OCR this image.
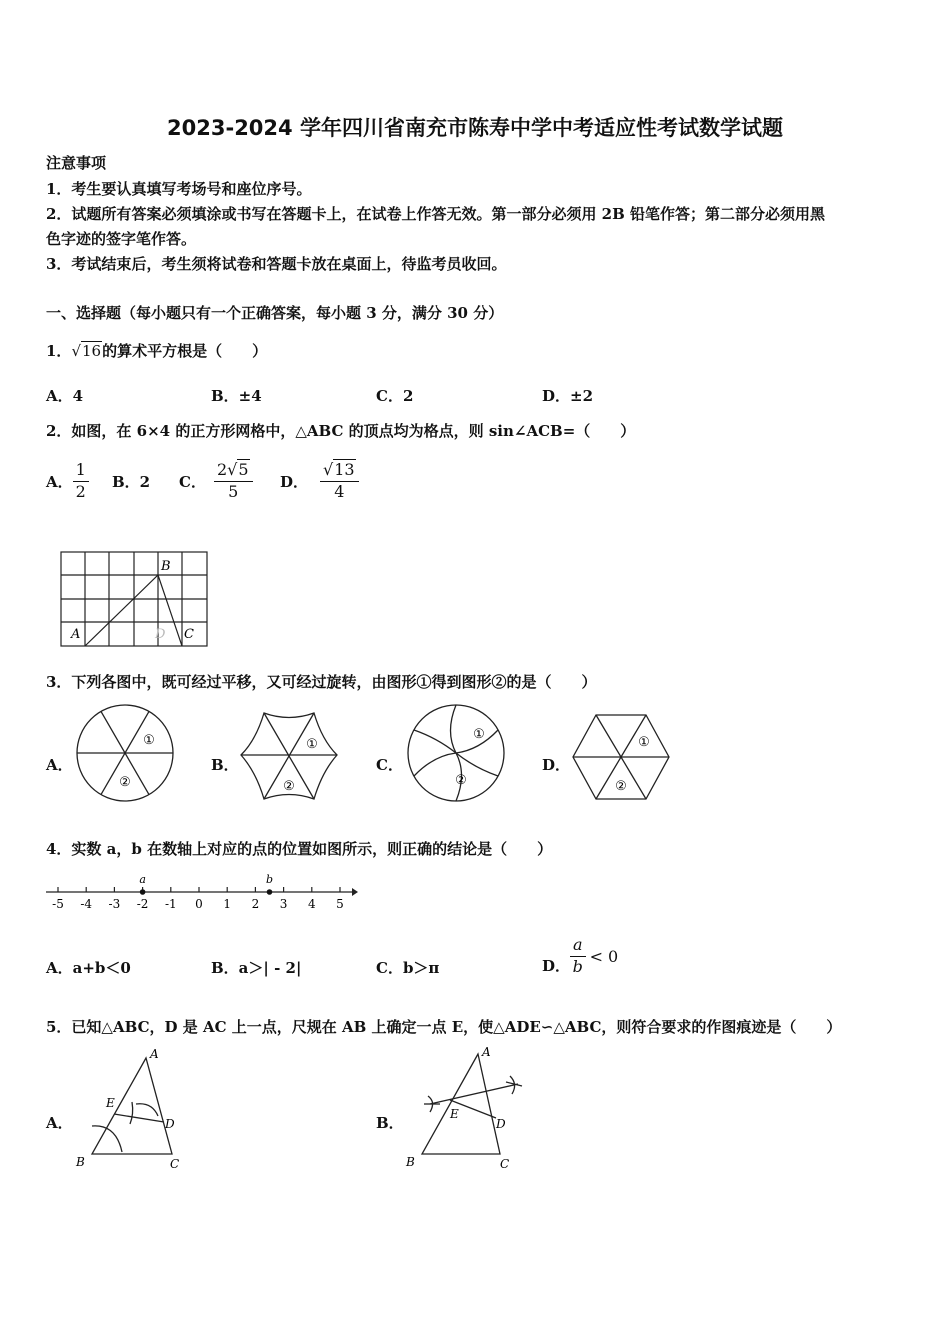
2023-2024 学年四川省南充市陈寿中学中考适应性考试数学试题
注意事项
1．考生要认真填写考场号和座位序号。
2．试题所有答案必须填涂或书写在答题卡上，在试卷上作答无效。第一部分必须用 2B 铅笔作答；第二部分必须用黑
色字迹的签字笔作答。
3．考试结束后，考生须将试卷和答题卡放在桌面上，待监考员收回。
一、选择题（每小题只有一个正确答案，每小题 3 分，满分 30 分）
1．√16的算术平方根是（　　）
A．4	B．±4	C．2	D．±2
2．如图，在 6×4 的正方形网格中，△ABC 的顶点均为格点，则 sin∠ACB=（　　）
A． $\frac{1}{2}$ B．2 C． $\frac{2√5}{5}$ D． $\frac{√13}{4}$
A
B
D C
3．下列各图中，既可经过平移，又可经过旋转，由图形①得到图形②的是（　　）
A．	B．	C．	D．
①
②
①
②
①
②
①
②
4．实数 a，b 在数轴上对应的点的位置如图所示，则正确的结论是（　　）
-5 -4 -3 -2 -1 0 1 2 3 4 5
a	b
A．a+b＜0	B．a＞| - 2|	C．b＞π	D． $\frac{a}{b} < 0$
5．已知△ABC，D 是 AC 上一点，尺规在 AB 上确定一点 E，使△ADE∽△ABC，则符合要求的作图痕迹是（　　）
A．	B．
A
E
D
B	C
A
E
D
B	C
